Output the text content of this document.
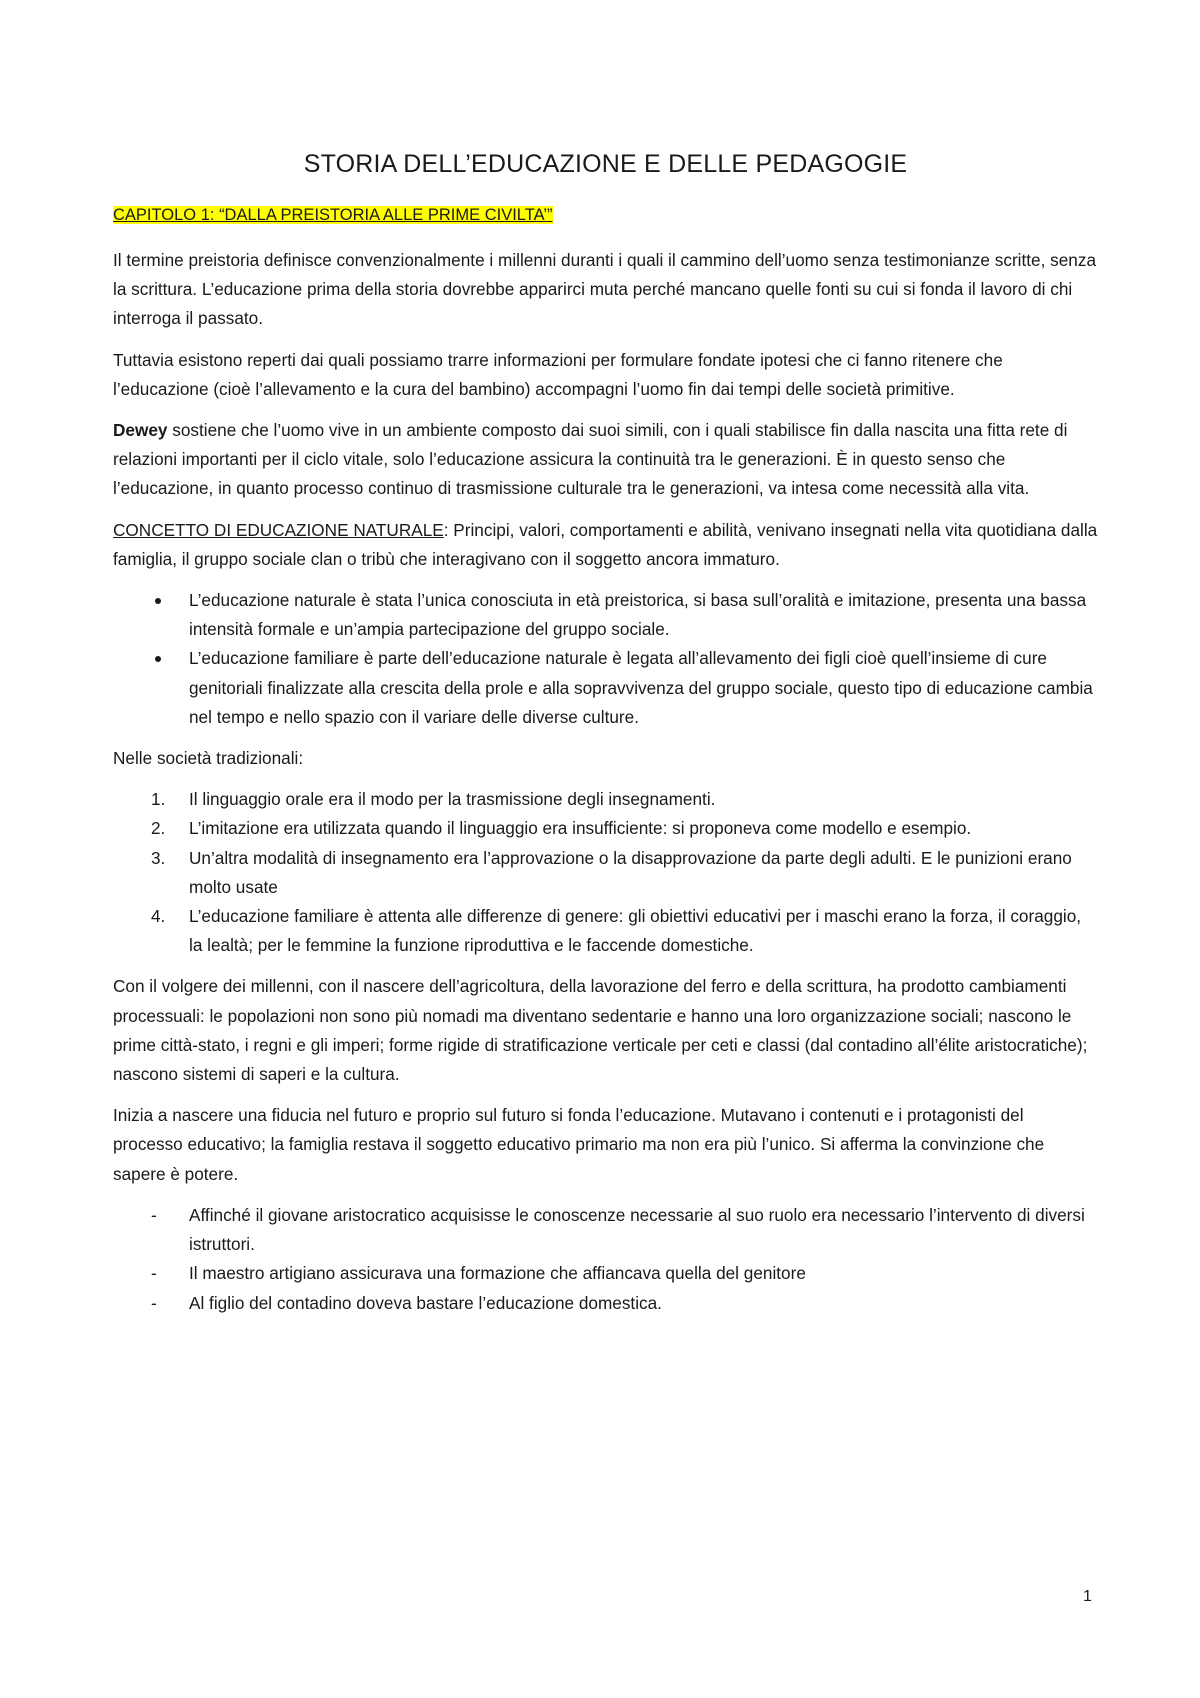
STORIA DELL’EDUCAZIONE E DELLE PEDAGOGIE
CAPITOLO 1: “DALLA PREISTORIA ALLE PRIME CIVILTA’”

Il termine preistoria definisce convenzionalmente i millenni duranti i quali il cammino dell’uomo senza testimonianze scritte, senza la scrittura. L’educazione prima della storia dovrebbe apparirci muta perché mancano quelle fonti su cui si fonda il lavoro di chi interroga il passato.

Tuttavia esistono reperti dai quali possiamo trarre informazioni per formulare fondate ipotesi che ci fanno ritenere che l’educazione (cioè l’allevamento e la cura del bambino) accompagni l’uomo fin dai tempi delle società primitive.

Dewey sostiene che l’uomo vive in un ambiente composto dai suoi simili, con i quali stabilisce fin dalla nascita una fitta rete di relazioni importanti per il ciclo vitale, solo l’educazione assicura la continuità tra le generazioni. È in questo senso che l’educazione, in quanto processo continuo di trasmissione culturale tra le generazioni, va intesa come necessità alla vita.

CONCETTO DI EDUCAZIONE NATURALE: Principi, valori, comportamenti e abilità, venivano insegnati nella vita quotidiana dalla famiglia, il gruppo sociale clan o tribù che interagivano con il soggetto ancora immaturo.

L’educazione naturale è stata l’unica conosciuta in età preistorica, si basa sull’oralità e imitazione, presenta una bassa intensità formale e un’ampia partecipazione del gruppo sociale.
L’educazione familiare è parte dell’educazione naturale è legata all’allevamento dei figli cioè quell’insieme di cure genitoriali finalizzate alla crescita della prole e alla sopravvivenza del gruppo sociale, questo tipo di educazione cambia nel tempo e nello spazio con il variare delle diverse culture.

Nelle società tradizionali:

1. Il linguaggio orale era il modo per la trasmissione degli insegnamenti.
2. L’imitazione era utilizzata quando il linguaggio era insufficiente: si proponeva come modello e esempio.
3. Un’altra modalità di insegnamento era l’approvazione o la disapprovazione da parte degli adulti. E le punizioni erano molto usate
4. L’educazione familiare è attenta alle differenze di genere: gli obiettivi educativi per i maschi erano la forza, il coraggio, la lealtà; per le femmine la funzione riproduttiva e le faccende domestiche.

Con il volgere dei millenni, con il nascere dell’agricoltura, della lavorazione del ferro e della scrittura, ha prodotto cambiamenti processuali: le popolazioni non sono più nomadi ma diventano sedentarie e hanno una loro organizzazione sociali; nascono le prime città-stato, i regni e gli imperi; forme rigide di stratificazione verticale per ceti e classi (dal contadino all’élite aristocratiche); nascono sistemi di saperi e la cultura.

Inizia a nascere una fiducia nel futuro e proprio sul futuro si fonda l’educazione. Mutavano i contenuti e i protagonisti del processo educativo; la famiglia restava il soggetto educativo primario ma non era più l’unico. Si afferma la convinzione che sapere è potere.

- Affinché il giovane aristocratico acquisisse le conoscenze necessarie al suo ruolo era necessario l’intervento di diversi istruttori.
- Il maestro artigiano assicurava una formazione che affiancava quella del genitore
- Al figlio del contadino doveva bastare l’educazione domestica.
1
